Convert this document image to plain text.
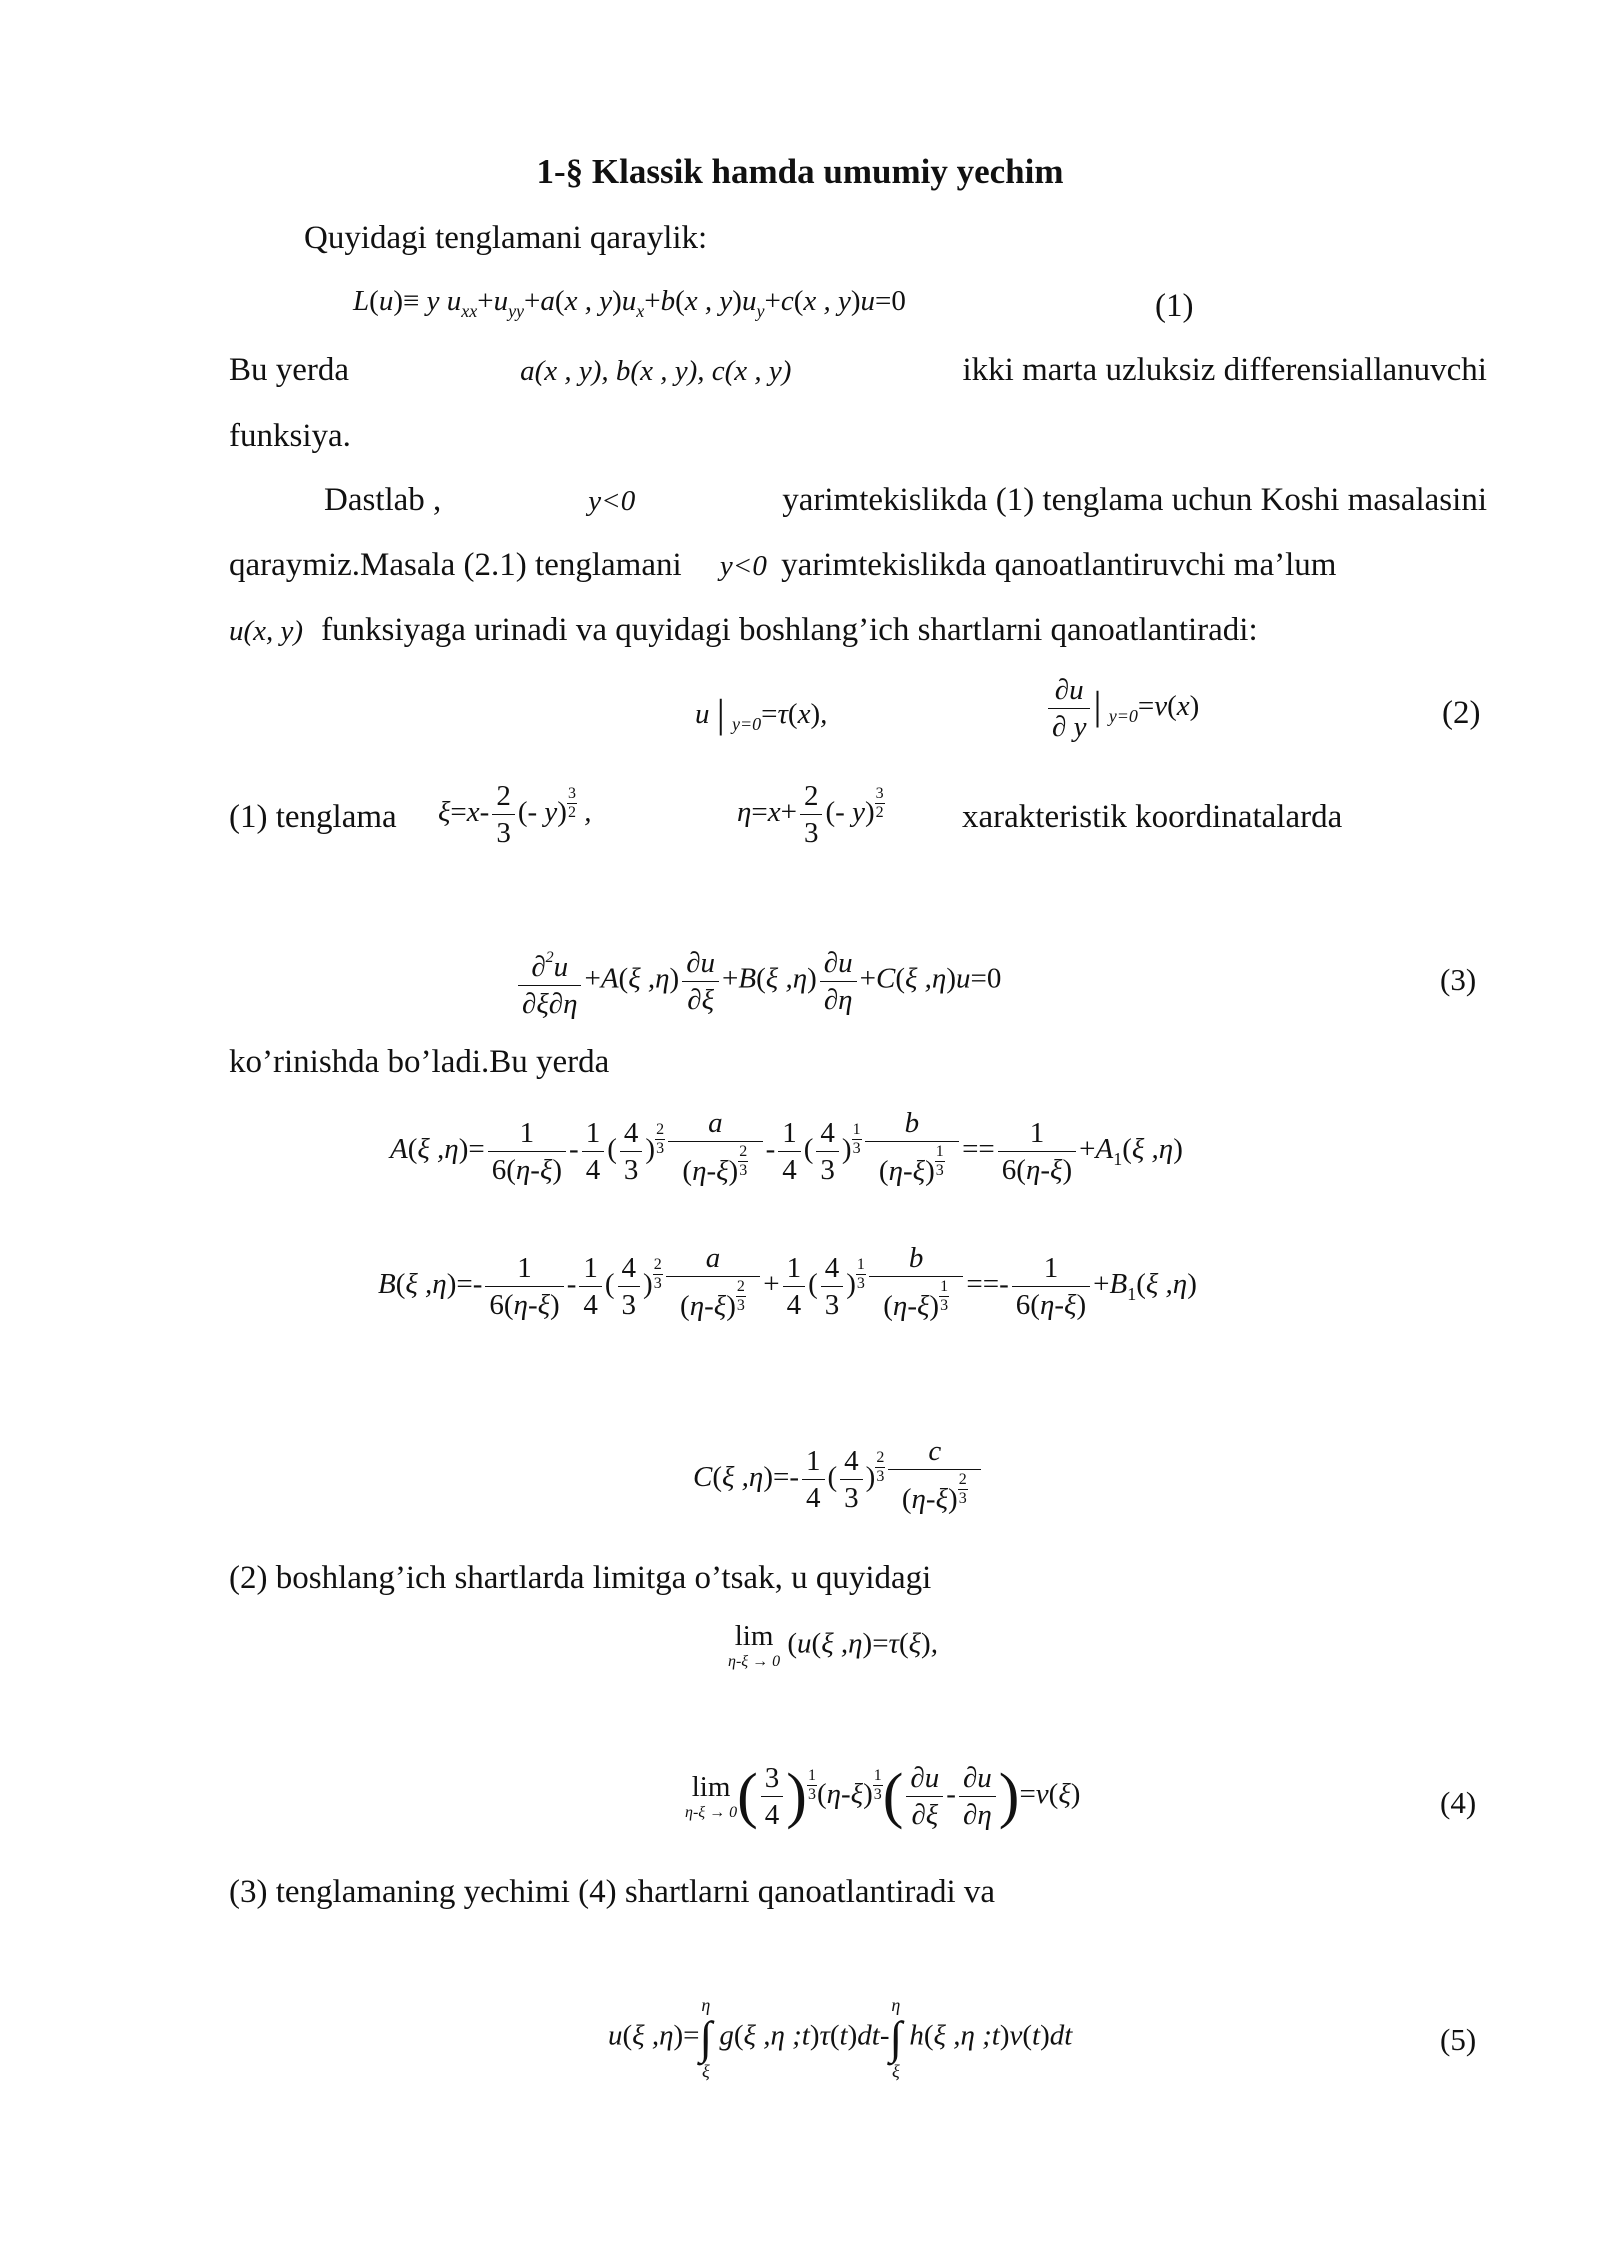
1-§ Klassik hamda umumiy yechim
Quyidagi tenglamani qaraylik:
L(u)≡ y $u_{xx}+u_{yy}+a(x$ , $y)u_x+b(x$ , $y)u_y+c(x$ , y)u=0	(1)
Bu yerda	a(x , y), b(x , y), c(x , y)	ikki marta uzluksiz differensiallanuvchi
funksiya.
Dastlab ,	y<0	yarimtekislikda (1) tenglama uchun Koshi masalasini
qaraymiz.Masala (2.1) tenglamani y<0 yarimtekislikda qanoatlantiruvchi ma’lum
u(x, y) funksiyaga urinadi va quyidagi boshlang’ich shartlarni qanoatlantiradi:
u | $_{y=0}$=τ(x),	$\frac{\partial u}{\partial y}$ | $_{y=0}$=ν(x)	(2)
(1) tenglama $\xi=x- \frac{2}{3}$ (- y) $^{\frac{3}{2}}$ ,	$\eta=x+ \frac{2}{3}$ (- y) $^{\frac{3}{2}}$ xarakteristik koordinatalarda
$\frac{\partial^2u}{\partial\xi\partial\eta} +A(\xi$ $,\eta) \frac{\partial u}{\partial\xi} +B(\xi$ $,\eta) \frac{\partial u}{\partial\eta} +C(\xi$ ,η)u=0	(3)
ko’rinishda bo’ladi.Bu yerda
A(ξ $,\eta)= \frac{1}{6(\eta-\xi)} - \frac{1}{4}$ ( $\frac{4}{3}$ ) $^{\frac{2}{3}}$ a
(η-ξ) $^{\frac{2}{3}} - \frac{1}{4}$ ( $\frac{4}{3}$ ) $^{\frac{1}{3}}$ b
(η-ξ) $^{\frac{1}{3}} == \frac{1}{6(\eta-\xi)} +A_1(\xi$ ,η)
B(ξ $,\eta)=- \frac{1}{6(\eta-\xi)} - \frac{1}{4}$ ( $\frac{4}{3}$ ) $^{\frac{2}{3}}$ a
(η-ξ) $^{\frac{2}{3}} + \frac{1}{4}$ ( $\frac{4}{3}$ ) $^{\frac{1}{3}}$ b
(η-ξ) $^{\frac{1}{3}}$ ==- $\frac{1}{6(\eta-\xi)} +B_1(\xi$ ,η)
C(ξ $,\eta)=- \frac{1}{4}$ ( $\frac{4}{3}$ ) $^{\frac{2}{3}}$ c
(η-ξ) $^{\frac{2}{3}}$
(2) boshlang’ich shartlarda limitga o’tsak, u quyidagi
lim
η-ξ → 0
(u(ξ ,η)=τ(ξ),
lim
η-ξ → 0 ( $\frac{3}{4}$ ) $^{\frac{1}{3}}$ (η-ξ) $^{\frac{1}{3}}$ ( $\frac{\partial u}{\partial\xi} - \frac{\partial u}{\partial\eta} )=\nu(\xi)$	(4)
(3) tenglamaning yechimi (4) shartlarni qanoatlantiradi va
u(ξ ,η)=
η
∫
ξ
g(ξ ,η ;t)τ(t)dt-
η
∫
ξ
h(ξ ,η ;t)ν(t)dt	(5)
